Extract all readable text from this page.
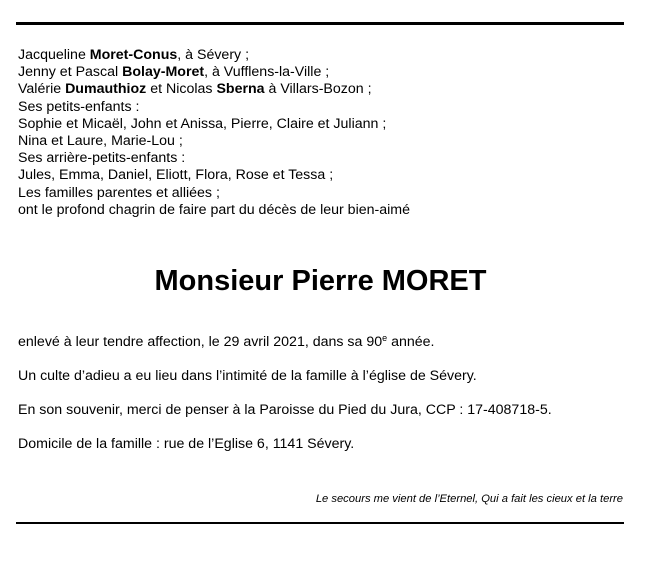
Jacqueline Moret-Conus, à Sévery ;
Jenny et Pascal Bolay-Moret, à Vufflens-la-Ville ;
Valérie Dumauthioz et Nicolas Sberna à Villars-Bozon ;
Ses petits-enfants :
Sophie et Micaël, John et Anissa, Pierre, Claire et Juliann ;
Nina et Laure, Marie-Lou ;
Ses arrière-petits-enfants :
Jules, Emma, Daniel, Eliott, Flora, Rose et Tessa ;
Les familles parentes et alliées ;
ont le profond chagrin de faire part du décès de leur bien-aimé
Monsieur Pierre MORET
enlevé à leur tendre affection, le 29 avril 2021, dans sa 90e année.
Un culte d’adieu a eu lieu dans l’intimité de la famille à l’église de Sévery.
En son souvenir, merci de penser à la Paroisse du Pied du Jura, CCP : 17-408718-5.
Domicile de la famille : rue de l’Eglise 6, 1141 Sévery.
Le secours me vient de l’Eternel, Qui a fait les cieux et la terre
